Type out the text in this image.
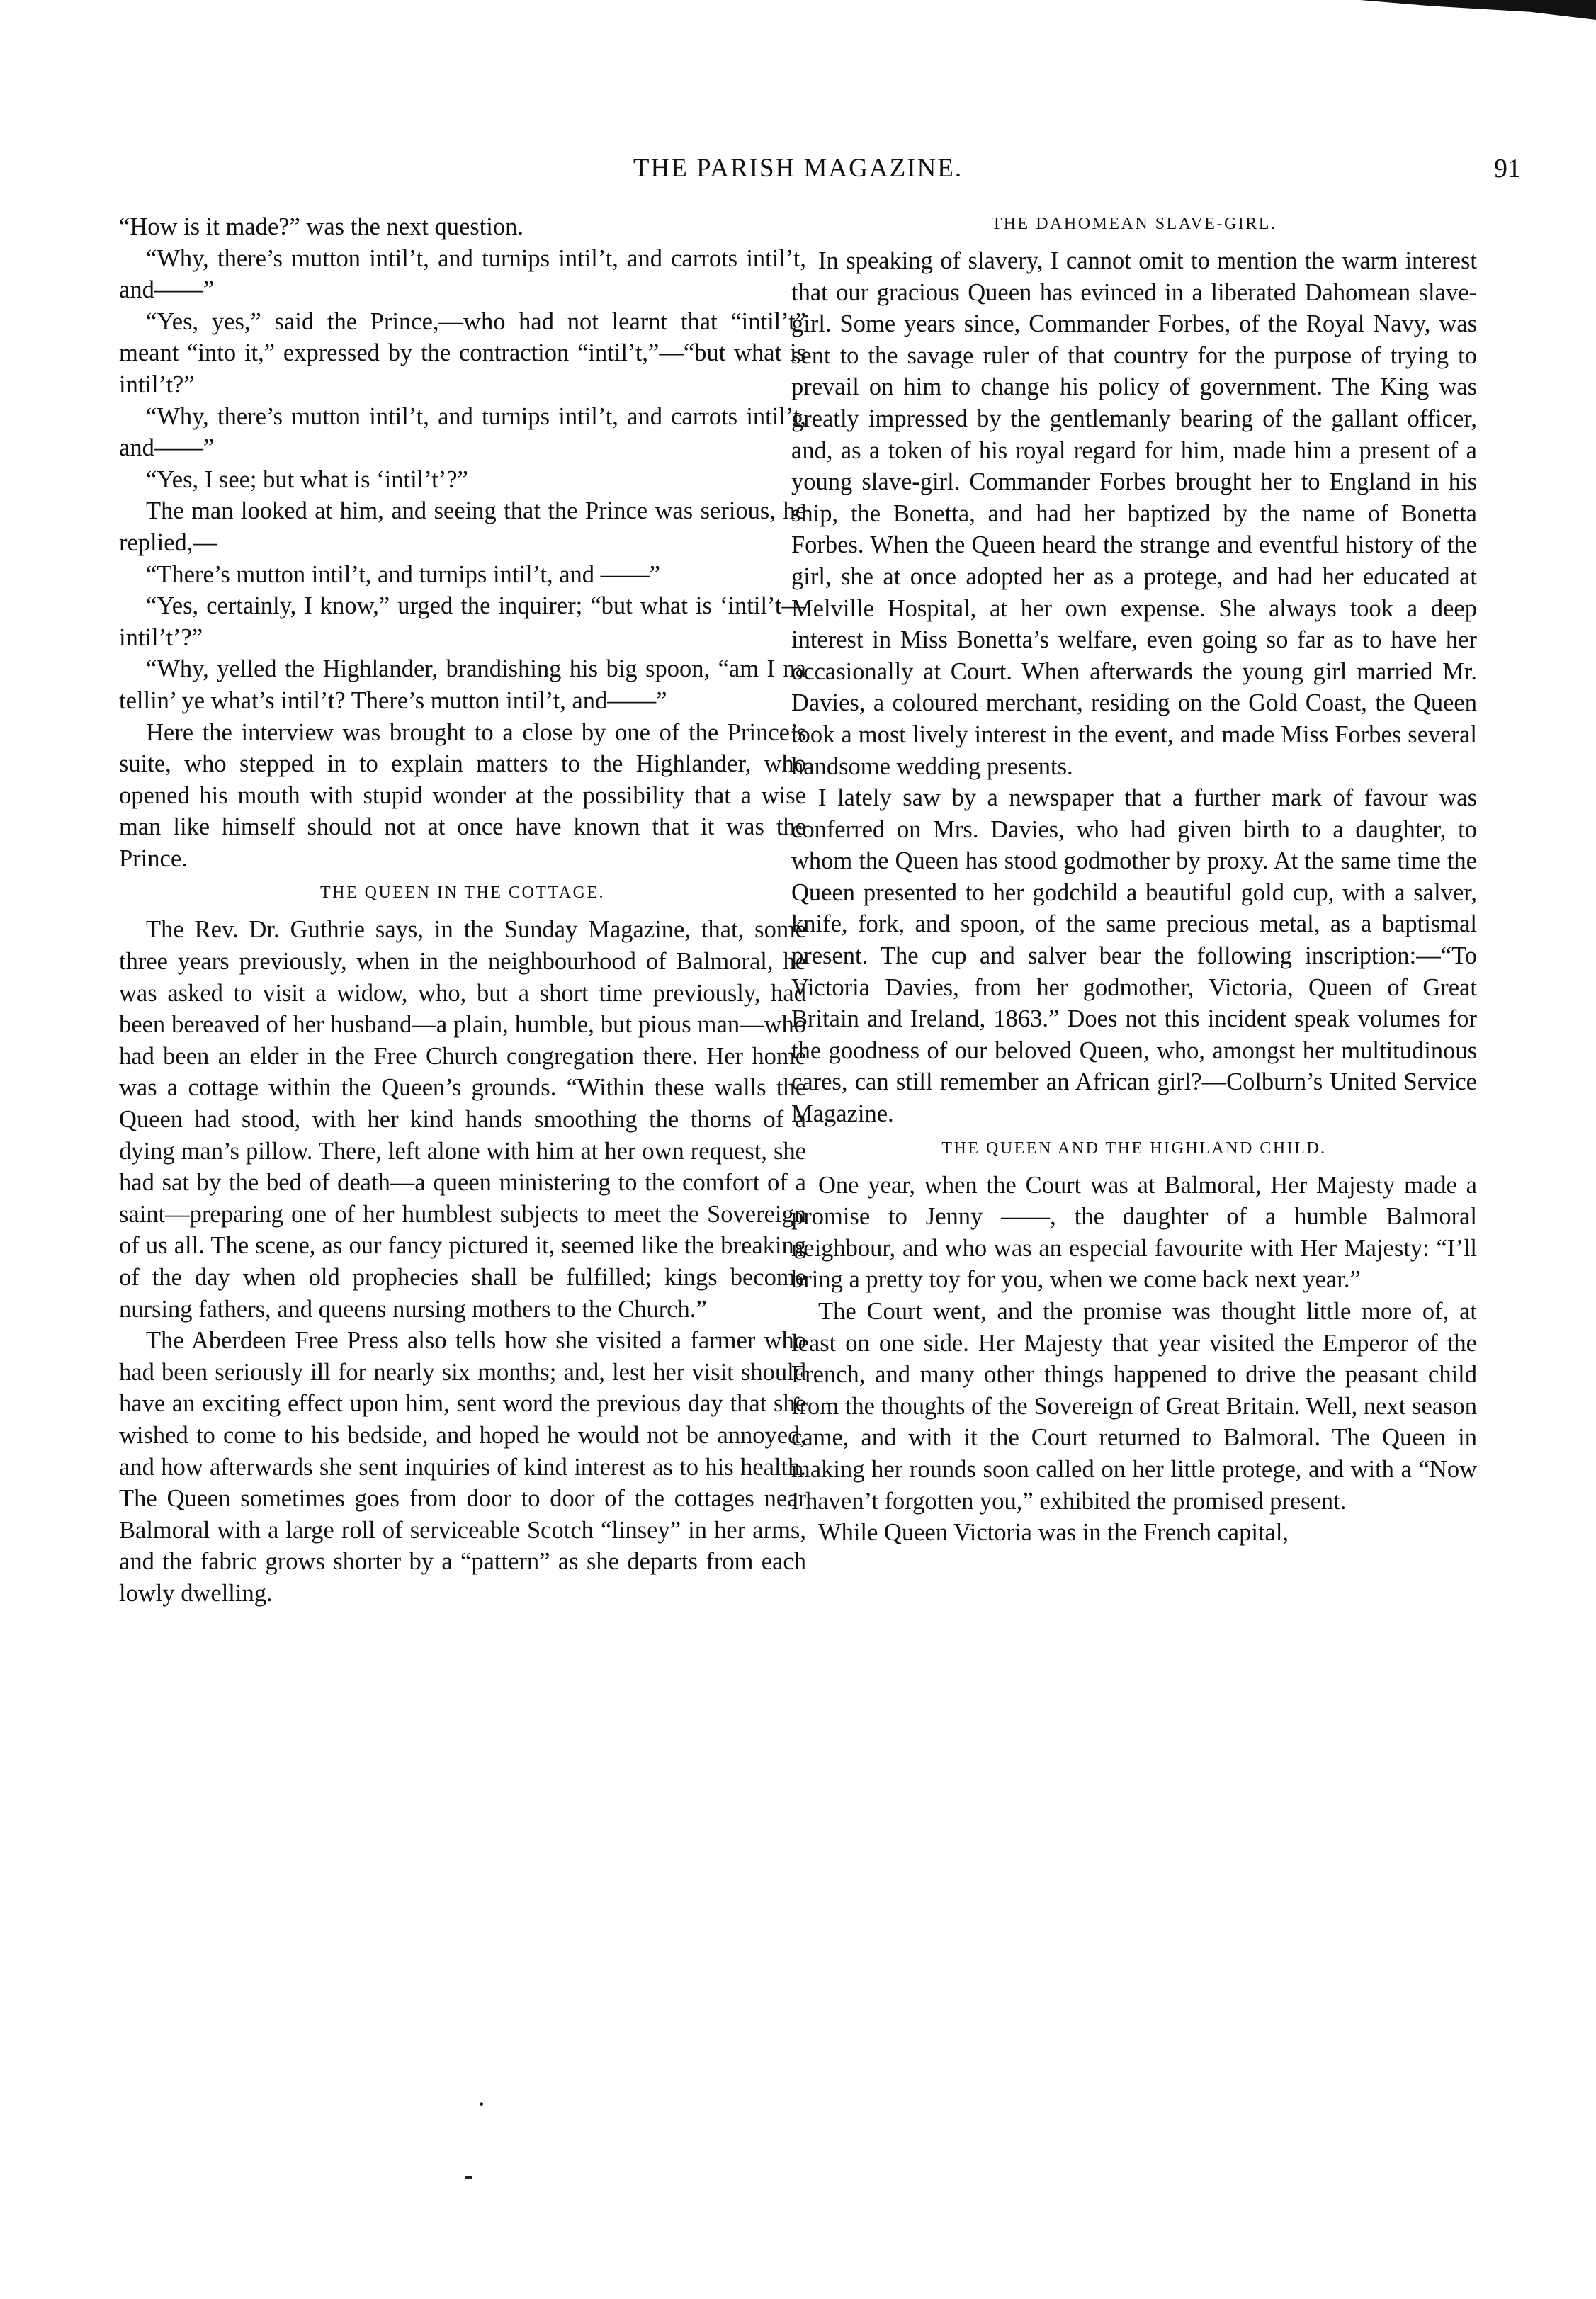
THE PARISH MAGAZINE.	91

“How is it made?” was the next question.

“Why, there’s mutton intil’t, and turnips intil’t, and carrots intil’t, and——”

“Yes, yes,” said the Prince,—who had not learnt that “intil’t” meant “into it,” expressed by the contraction “intil’t,”—“but what is intil’t?”

“Why, there’s mutton intil’t, and turnips intil’t, and carrots intil’t, and——”

“Yes, I see; but what is ‘intil’t’?”

The man looked at him, and seeing that the Prince was serious, he replied,—

“There’s mutton intil’t, and turnips intil’t, and ——”

“Yes, certainly, I know,” urged the inquirer; “but what is ‘intil’t—intil’t’?”

“Why, yelled the Highlander, brandishing his big spoon, “am I na tellin’ ye what’s intil’t? There’s mutton intil’t, and——”

Here the interview was brought to a close by one of the Prince’s suite, who stepped in to explain matters to the Highlander, who opened his mouth with stupid wonder at the possibility that a wise man like himself should not at once have known that it was the Prince.

THE QUEEN IN THE COTTAGE.

The Rev. Dr. Guthrie says, in the Sunday Magazine, that, some three years previously, when in the neighbourhood of Balmoral, he was asked to visit a widow, who, but a short time previously, had been bereaved of her husband—a plain, humble, but pious man—who had been an elder in the Free Church congregation there. Her home was a cottage within the Queen’s grounds. “Within these walls the Queen had stood, with her kind hands smoothing the thorns of a dying man’s pillow. There, left alone with him at her own request, she had sat by the bed of death—a queen ministering to the comfort of a saint—preparing one of her humblest subjects to meet the Sovereign of us all. The scene, as our fancy pictured it, seemed like the breaking of the day when old prophecies shall be fulfilled; kings become nursing fathers, and queens nursing mothers to the Church.”

The Aberdeen Free Press also tells how she visited a farmer who had been seriously ill for nearly six months; and, lest her visit should have an exciting effect upon him, sent word the previous day that she wished to come to his bedside, and hoped he would not be annoyed, and how afterwards she sent inquiries of kind interest as to his health. The Queen sometimes goes from door to door of the cottages near Balmoral with a large roll of serviceable Scotch “linsey” in her arms, and the fabric grows shorter by a “pattern” as she departs from each lowly dwelling.

THE DAHOMEAN SLAVE-GIRL.

In speaking of slavery, I cannot omit to mention the warm interest that our gracious Queen has evinced in a liberated Dahomean slave-girl. Some years since, Commander Forbes, of the Royal Navy, was sent to the savage ruler of that country for the purpose of trying to prevail on him to change his policy of government. The King was greatly impressed by the gentlemanly bearing of the gallant officer, and, as a token of his royal regard for him, made him a present of a young slave-girl. Commander Forbes brought her to England in his ship, the Bonetta, and had her baptized by the name of Bonetta Forbes. When the Queen heard the strange and eventful history of the girl, she at once adopted her as a protege, and had her educated at Melville Hospital, at her own expense. She always took a deep interest in Miss Bonetta’s welfare, even going so far as to have her occasionally at Court. When afterwards the young girl married Mr. Davies, a coloured merchant, residing on the Gold Coast, the Queen took a most lively interest in the event, and made Miss Forbes several handsome wedding presents.

I lately saw by a newspaper that a further mark of favour was conferred on Mrs. Davies, who had given birth to a daughter, to whom the Queen has stood godmother by proxy. At the same time the Queen presented to her godchild a beautiful gold cup, with a salver, knife, fork, and spoon, of the same precious metal, as a baptismal present. The cup and salver bear the following inscription:—“To Victoria Davies, from her godmother, Victoria, Queen of Great Britain and Ireland, 1863.” Does not this incident speak volumes for the goodness of our beloved Queen, who, amongst her multitudinous cares, can still remember an African girl?—Colburn’s United Service Magazine.

THE QUEEN AND THE HIGHLAND CHILD.

One year, when the Court was at Balmoral, Her Majesty made a promise to Jenny ——, the daughter of a humble Balmoral neighbour, and who was an especial favourite with Her Majesty: “I’ll bring a pretty toy for you, when we come back next year.”

The Court went, and the promise was thought little more of, at least on one side. Her Majesty that year visited the Emperor of the French, and many other things happened to drive the peasant child from the thoughts of the Sovereign of Great Britain. Well, next season came, and with it the Court returned to Balmoral. The Queen in making her rounds soon called on her little protege, and with a “Now I haven’t forgotten you,” exhibited the promised present.

While Queen Victoria was in the French capital,

·
-
